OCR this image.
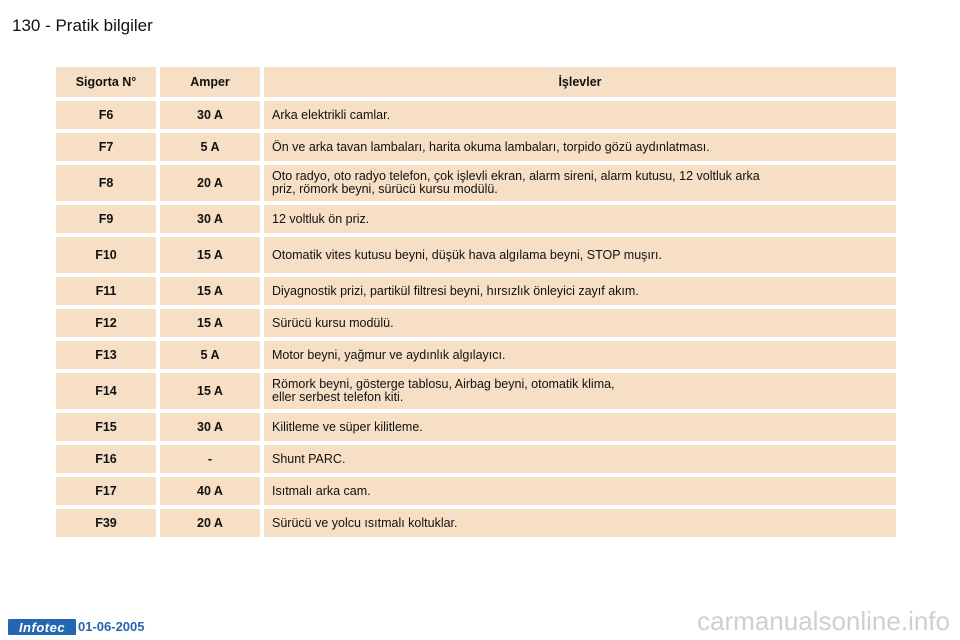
130 - Pratik bilgiler
Sigorta N°	Amper	İşlevler
F6	30 A	Arka elektrikli camlar.
F7	5 A	Ön ve arka tavan lambaları, harita okuma lambaları, torpido gözü aydınlatması.
F8	20 A	Oto radyo, oto radyo telefon, çok işlevli ekran, alarm sireni, alarm kutusu, 12 voltluk arka
priz, römork beyni, sürücü kursu modülü.
F9	30 A	12 voltluk ön priz.
F10	15 A	Otomatik vites kutusu beyni, düşük hava algılama beyni, STOP muşırı.
F11	15 A	Diyagnostik prizi, partikül filtresi beyni, hırsızlık önleyici zayıf akım.
F12	15 A	Sürücü kursu modülü.
F13	5 A	Motor beyni, yağmur ve aydınlık algılayıcı.
F14	15 A	Römork beyni, gösterge tablosu, Airbag beyni, otomatik klima,
eller serbest telefon kiti.
F15	30 A	Kilitleme ve süper kilitleme.
F16	-	Shunt PARC.
F17	40 A	Isıtmalı arka cam.
F39	20 A	Sürücü ve yolcu ısıtmalı koltuklar.
Infotec 01-06-2005	carmanualsonline.info
